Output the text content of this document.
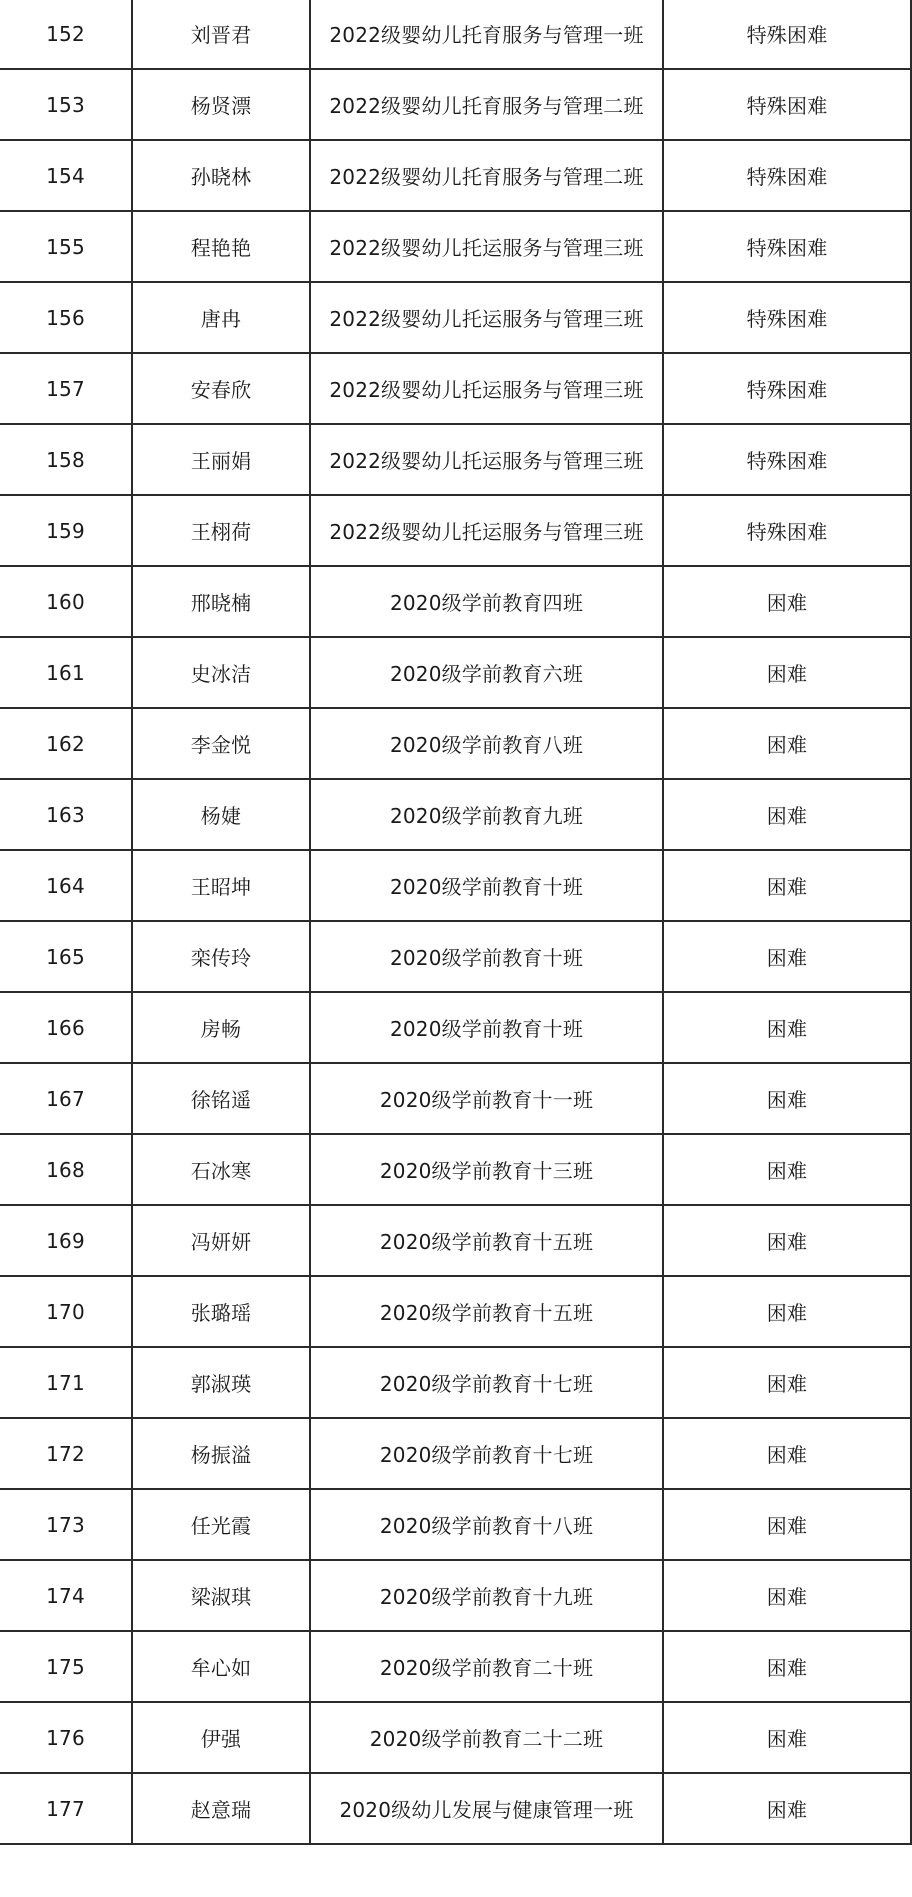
152	刘晋君	2022级婴幼儿托育服务与管理一班	特殊困难
153	杨贤漂	2022级婴幼儿托育服务与管理二班	特殊困难
154	孙晓林	2022级婴幼儿托育服务与管理二班	特殊困难
155	程艳艳	2022级婴幼儿托运服务与管理三班	特殊困难
156	唐冉	2022级婴幼儿托运服务与管理三班	特殊困难
157	安春欣	2022级婴幼儿托运服务与管理三班	特殊困难
158	王丽娟	2022级婴幼儿托运服务与管理三班	特殊困难
159	王栩荷	2022级婴幼儿托运服务与管理三班	特殊困难
160	邢晓楠	2020级学前教育四班	困难
161	史冰洁	2020级学前教育六班	困难
162	李金悦	2020级学前教育八班	困难
163	杨婕	2020级学前教育九班	困难
164	王昭坤	2020级学前教育十班	困难
165	栾传玲	2020级学前教育十班	困难
166	房畅	2020级学前教育十班	困难
167	徐铭遥	2020级学前教育十一班	困难
168	石冰寒	2020级学前教育十三班	困难
169	冯妍妍	2020级学前教育十五班	困难
170	张璐瑶	2020级学前教育十五班	困难
171	郭淑瑛	2020级学前教育十七班	困难
172	杨振溢	2020级学前教育十七班	困难
173	任光霞	2020级学前教育十八班	困难
174	梁淑琪	2020级学前教育十九班	困难
175	牟心如	2020级学前教育二十班	困难
176	伊强	2020级学前教育二十二班	困难
177	赵意瑞	2020级幼儿发展与健康管理一班	困难
